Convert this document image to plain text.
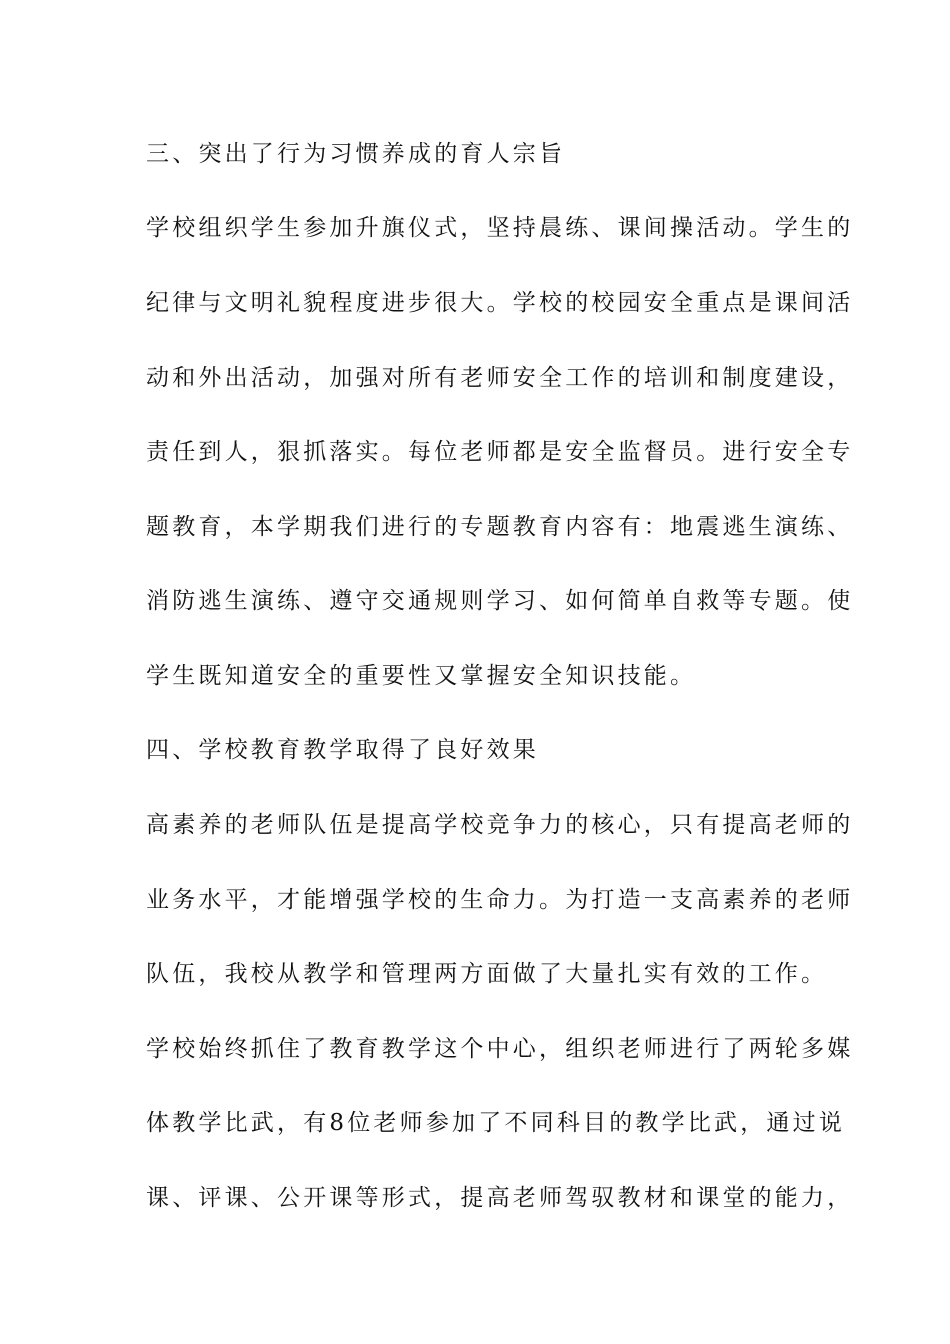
三、突出了行为习惯养成的育人宗旨
学校组织学生参加升旗仪式，坚持晨练、课间操活动。学生的
纪律与文明礼貌程度进步很大。学校的校园安全重点是课间活
动和外出活动，加强对所有老师安全工作的培训和制度建设，
责任到人，狠抓落实。每位老师都是安全监督员。进行安全专
题教育，本学期我们进行的专题教育内容有：地震逃生演练、
消防逃生演练、遵守交通规则学习、如何简单自救等专题。使
学生既知道安全的重要性又掌握安全知识技能。
四、学校教育教学取得了良好效果
高素养的老师队伍是提高学校竞争力的核心，只有提高老师的
业务水平，才能增强学校的生命力。为打造一支高素养的老师
队伍，我校从教学和管理两方面做了大量扎实有效的工作。
学校始终抓住了教育教学这个中心，组织老师进行了两轮多媒
体教学比武，有8位老师参加了不同科目的教学比武，通过说
课、评课、公开课等形式，提高老师驾驭教材和课堂的能力，
